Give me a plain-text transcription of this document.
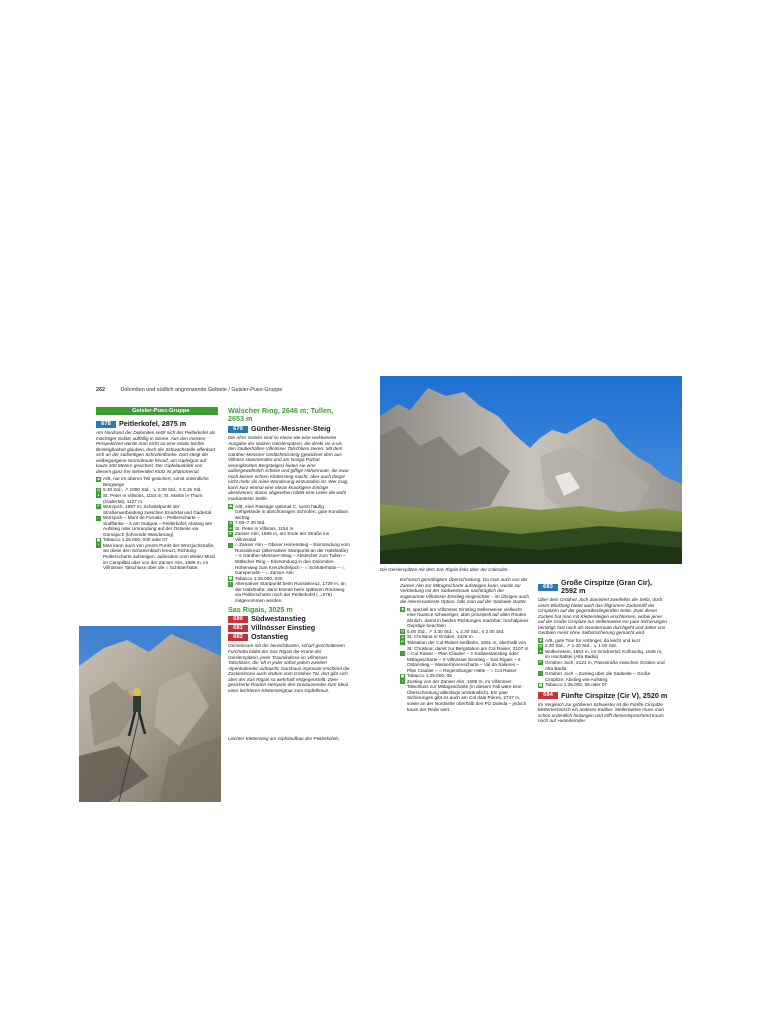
262	Dolomiten und südlich angrenzende Gebiete / Geisler-Puez-Gruppe
Geisler-Puez-Gruppe
678	Peitlerkofel, 2875 m

Am Nordrand der Dolomiten setzt sich der Peitlerkofel als mächtiger Solitär auffällig in Szene. Aus den meisten Perspektiven würde man nicht an eine relativ leichte Besteigbarkeit glauben, doch die Schwachstelle offenbart sich an der südseitigen Schrofenflanke. Dort steigt die vielbegangene Normalroute hinauf, am Gipfelgrat auf kaum 100 Metern gesichert. Der Gipfelausblick von diesem ganz frei stehenden Klotz ist phänomenal.

◆ A/B, nur im oberen Teil gesichert, sonst ordentliche Bergwege
◷ 5.30 Std., ↗ 1000 Std., ↘ 2.30 Std., ≡ 0.15 Std.
▲ St. Peter in Villnöss, 1154 m; St. Martin in Thurn (Gadertal), 1127 m
P Würzjoch, 1987 m; Scheitelpunkt der Straßenverbindung zwischen Enacktal und Gadertal
→ Würzjoch – Munt de Furnela – Peitlerscharte – Südflanke – ≡ am Südgrat – Peitlerkofel; Abstieg wie Aufstieg oder Umrundung auf der Ostseite via Gömajoch (lohnende Wanderung)
▦ Tabacco 1:25.000, 030 oder 07
! Man kann auch von jenem Punkt der Würzjochstraße, wo diese den Schartenbach kreuzt, Richtung Peitlerscharte aufsteigen, außerdem vom Weiler Miscì im Campilltal oder von der Zanser Alm, 1686 m, im Villnösser Talschluss über die ⌂ Schlüterhütte.
Leichter Klettersteig am Gipfelaufbau des Peitlerkofels.
Wälscher Ring, 2646 m; Tullen, 2653 m
679	Günther-Messner-Steig

Die Afrer Geisler sind so etwas wie eine verkleinerte Ausgabe der stolzen Geislerspitzen, die direkt vis-à-vis den zauberhaften Villnösser Talschluss zieren. Mit dem Günther-Messner-Gedächtnissteig (gewidmet dem aus Villnöss stammenden und am Nanga Parbat verunglückten Bergsteiger) bieten sie eine außergewöhnlich schöne und giffige Höhenroute, die zwar noch keinen echten Klettersteig macht, aber auch längst nicht mehr als reine Wanderung einzustufen ist. Wer mag, kann kurz einmal eine etwas knackigere Einlage absolvieren; davon abgesehen bildet eine Leiter die wohl markanteste Stelle.

◆ A/B, eine Passage optional C, sonst häufig Gehgelände in abschüssigen Schrofen; gute Kondition wichtig
◷ 7.00–7.30 Std.
▲ St. Peter in Villnöss, 1154 m
P Zanser Alm, 1685 m, am Ende der Straße ins Villnösstal
→ ⌂ Zanser Alm – Oberer Herrensteig – Einmündung vom Russiskreuz (alternativer Startpunkt an der Halsltraße) – ≡ Günther-Messner-Steig – Abstecher zum Tullen – Wälscher Ring – Einmündung in den Dolomiten-Höhenweg zum Kreuzkofeljoch – ⌂ Schlüterhütte – ⌂ Gampenalm – ⌂ Zanser Alm
▦ Tabacco 1:25.000, 030
! Alternativer Startpunkt beim Russiskreuz, 1729 m, an der Halsltraße; dann könnte beim späteren Rückweg via Peitlerscharte noch der Peitlerkofel (→678) mitgenommen werden.
Sas Rigais, 3025 m
680	Südwestanstieg
681	Villnösser Einstieg
682	Ostanstieg

Gemeinsam mit der benachbarten, scharf geschnittenen Furchetta bildet der Sas Rigais die Krone der Geislerspitzen, jener Traumkulisse im Villnösser Talschluss, die 'oft in jeder sofort jedem zweiten Alpenkalender auftaucht. Durchaus imposant erscheint die Zackenkrone auch drüben vom Grödner Tal, dort gibt sich aber der Sas Rigais so wehrhaft entgegenstellt. Zwei gesicherte Routen stempeln den Dreitausender zum Ideal einer leichteren Klettersteigtour zum Gipfelkreuz.

Die Geislerspitzen mit dem Sas Rigais links über der Colesalm.

technisch gemäßigtem Überschreitung. Da man auch von der Zanser Alm zur Mittagsscharte aufsteigen kann, wurde zur Verbindung mit der Südwestroute nachträglich der sogenannte Villnösser Einstieg eingerichtet – im Übrigen auch die interessanteste Option, falls man auf der Südseite startet.

◆ B, speziell am Villnösser Einstieg stellenweise vielleicht eine Nuance schwieriger, aber prinzipiell auf allen Routen ähnlich, damit in beiden Richtungen machbar; hochalpines Gepräge beachten
◷ 6.00 Std., ↗ 3.30 Std., ↘ 2.30 Std., ≡ 2.00 Std.
▲ St. Christina in Gröden, 1428 m
P Talstation der Col-Raiser-Seilbahn, 1551 m, oberhalb von St. Christina; damit zur Bergstation am Col Raiser, 2107 m
→ ⌂ Col Raiser – Plan Ciautier – ≡ Südwestanstieg oder: Mittagsscharte – ≡ Villnösser Einstieg – Sas Rigais – ≡ Ostanstieg – Wasserrinnenscharte – Val da Salieres – Plan Ciautier – ⌂ Regensburger Hütte – ⌂ Col Raiser
▦ Tabacco 1:25.000, 05
! Zustieg von der Zanser Alm, 1685 m, im Villnösser Talschluss zur Mittagsscharte (in diesem Fall wäre eine Überschreitung allerdings umständlich). Ein paar Sicherungen gibt es auch am Col dala Pières, 2747 m, sowie an der Nordseite oberhalb des Piz Duleda – jedoch kaum der Rede wert.
683	Große Cirspitze (Gran Cir), 2592 m

Über dem Grödner Joch dominiert zweifellos die Sella, doch einen Blickfang bietet auch das filigranere Zackenriff der Cirspitzen auf der gegenüberliegenden Seite. Zwei dieser Zacken hat man mit Klettersteigen erschlossen, wobei jener auf die Große Cirspitze nur stellenweise ein paar Sicherungen benötigt; fast noch als Wanderroute durchgeht und daher von Geübten meist ohne Selbstsicherung gemacht wird.

◆ A/B, gute Tour für Anfänger, da leicht und kurz
◷ 2.30 Std., ↗ 1.30 Std., ↘ 1.00 Std.
▲ Wolkenstein, 1563 m, im Grödnertal; Kolfuschg, 1645 m, im Hochabtei (Alta Badia)
P Grödner Joch, 2121 m, Passstraße zwischen Gröden und Alta Badia
→ Grödner Joch – Zustieg über die Südseite – Große Cirspitze; Abstieg wie Aufstieg
▦ Tabacco 1:25.000, 05 oder 07
684	Fünfte Cirspitze (Cir V), 2520 m

Im Vergleich zur größeren Schwester ist die Fünfte Cirspitze klettertechnisch ein anderes Kaliber. Stellenweise muss man schon ordentlich hinlangen und trifft dementsprechend kaum noch auf »wandernde«
